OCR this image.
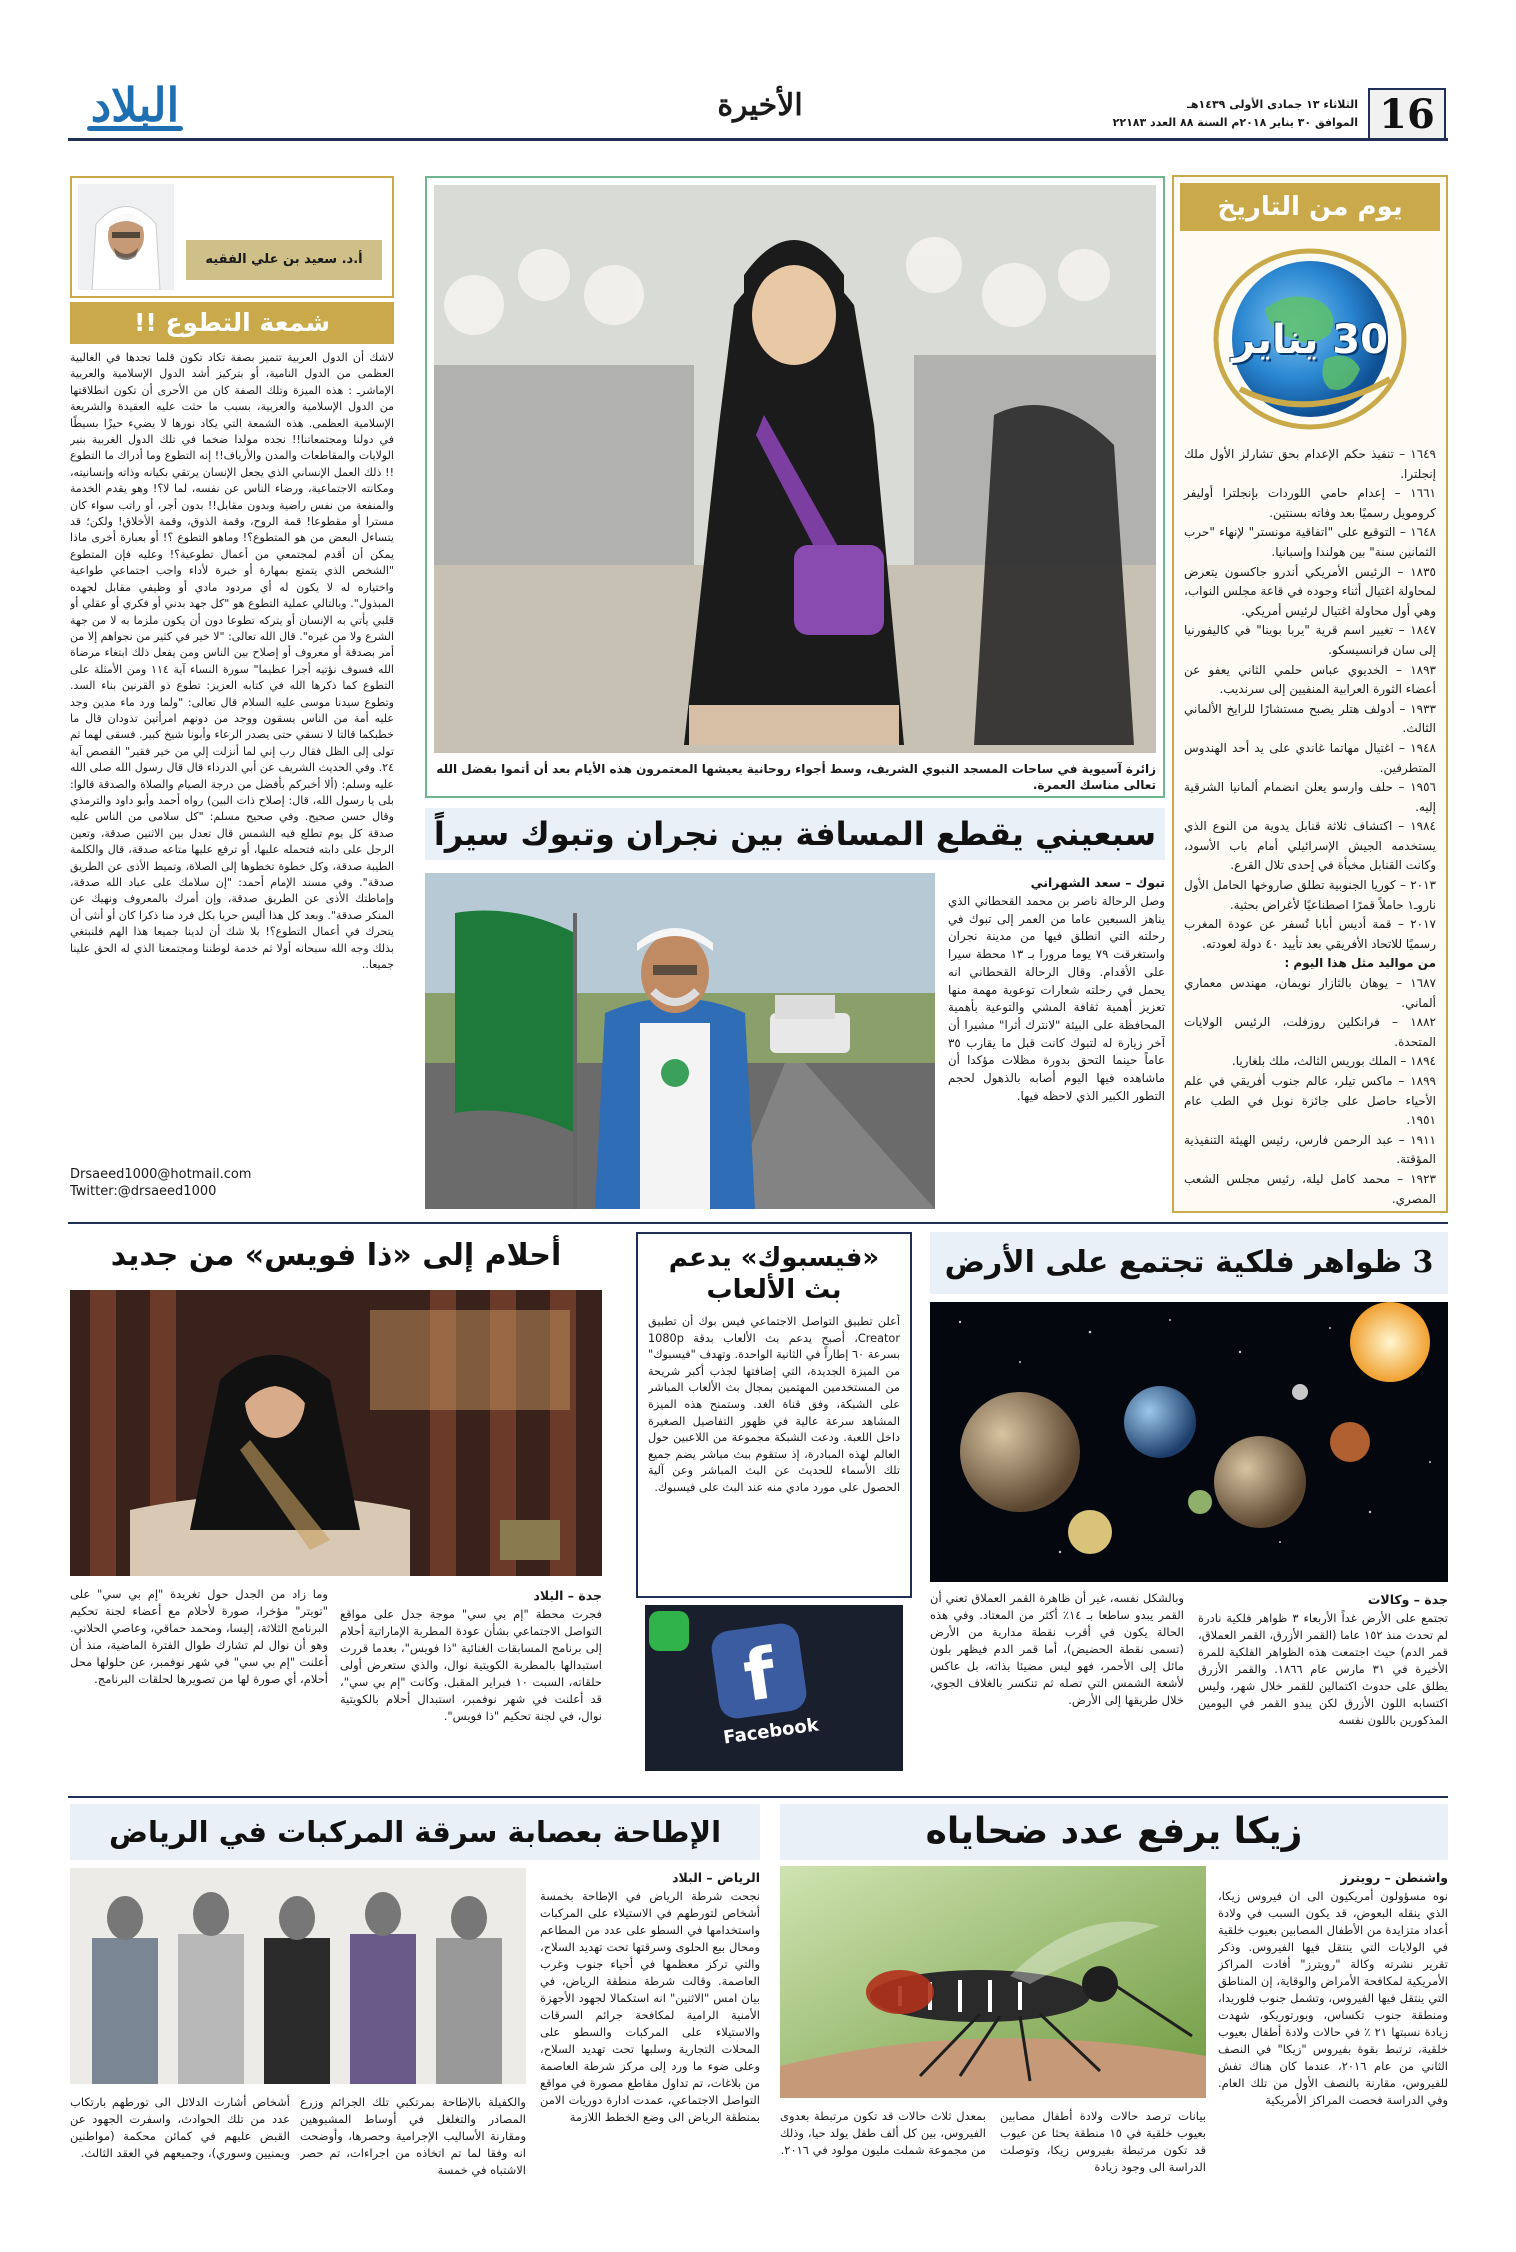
16
الثلاثاء ١٣ جمادى الأولى ١٤٣٩هـ
الموافق ٣٠ يناير ٢٠١٨م السنة ٨٨ العدد ٢٢١٨٣
الأخيرة
البلاد
يوم من التاريخ
30 يناير
١٦٤٩ – تنفيذ حكم الإعدام بحق تشارلز الأول ملك إنجلترا.
١٦٦١ – إعدام حامي اللوردات بإنجلترا أوليفر كرومويل رسميًا بعد وفاته بسنتين.
١٦٤٨ – التوقيع على "اتفاقية مونستر" لإنهاء "حرب الثمانين سنة" بين هولندا وإسبانيا.
١٨٣٥ – الرئيس الأمريكي أندرو جاكسون يتعرض لمحاولة اغتيال أثناء وجوده في قاعة مجلس النواب، وهي أول محاولة اغتيال لرئيس أمريكي.
١٨٤٧ – تغيير اسم قرية "يربا بوينا" في كاليفورنيا إلى سان فرانسيسكو.
١٨٩٣ – الخديوي عباس حلمي الثاني يعفو عن أعضاء الثورة العرابية المنفيين إلى سرنديب.
١٩٣٣ – أدولف هتلر يصبح مستشارًا للرايخ الألماني الثالث.
١٩٤٨ – اغتيال مهاتما غاندي على يد أحد الهندوس المتطرفين.
١٩٥٦ – حلف وارسو يعلن انضمام ألمانيا الشرقية إليه.
١٩٨٤ – اكتشاف ثلاثة قنابل يدوية من النوع الذي يستخدمه الجيش الإسرائيلي أمام باب الأسود، وكانت القنابل مخبأة في إحدى تلال القرع.
٢٠١٣ – كوريا الجنوبية تطلق صاروخها الحامل الأول ناروـ١ حاملاً قمرًا اصطناعيًا لأغراض بحثية.
٢٠١٧ – قمة أديس أبابا تُسفر عن عودة المغرب رسميًا للاتحاد الأفريقي بعد تأييد ٤٠ دولة لعودته.
من مواليد مثل هذا اليوم :
١٦٨٧ – يوهان بالثازار نويمان، مهندس معماري ألماني.
١٨٨٢ – فرانكلين روزفلت، الرئيس الولايات المتحدة.
١٨٩٤ – الملك بوريس الثالث، ملك بلغاريا.
١٨٩٩ – ماكس تيلر، عالم جنوب أفريقي في علم الأحياء حاصل على جائزة نوبل في الطب عام ١٩٥١.
١٩١١ – عبد الرحمن فارس، رئيس الهيئة التنفيذية المؤقتة.
١٩٢٣ – محمد كامل ليلة، رئيس مجلس الشعب المصري.
زائرة آسيوية في ساحات المسجد النبوي الشريف، وسط أجواء روحانية يعيشها المعتمرون هذه الأيام بعد أن أتموا بفضل الله تعالى مناسك العمرة.
أ.د. سعيد بن علي الفقيه
شمعة التطوع !!

لاشك أن الدول العربية تتميز بصفة تكاد تكون قلما تجدها في الغالبية العظمى من الدول النامية، أو بتركيز أشد الدول الإسلامية والعربية الإماشرـ : هذه الميزة وتلك الصفة كان من الأحرى أن تكون انطلاقتها من الدول الإسلامية والعربية، بسبب ما حثت عليه العقيدة والشريعة الإسلامية العظمى. هذه الشمعة التي يكاد نورها لا يضيء حيزًا بسيطًا في دولنا ومجتمعاتنا!! نجده مولدا ضخما في تلك الدول الغربية بنير الولايات والمقاطعات والمدن والأرياف!! إنه التطوع وما أدراك ما التطوع !! ذلك العمل الإنساني الذي يجعل الإنسان يرتقي بكيانه وذاته وإنسانيته، ومكانته الاجتماعية، ورضاء الناس عن نفسه، لما لا؟! وهو يقدم الخدمة والمنفعة من نفس راضية وبدون مقابل!! بدون أجر، أو راتب سواء كان مسترا أو مقطوعا! قمة الروح، وقمة الذوق، وقمة الأخلاق! ولكن؛ قد يتساءل البعض من هو المتطوع؟! وماهو التطوع ؟! أو بعبارة أخرى ماذا يمكن أن أقدم لمجتمعي من أعمال تطوعية؟! وعليه فإن المتطوع "الشخص الذي يتمتع بمهارة أو خبرة لأداء واجب اجتماعي طواعية واختياره له لا يكون له أي مردود مادي أو وظيفي مقابل لجهده المبذول". وبالتالي عملية التطوع هو "كل جهد بدني أو فكري أو عقلي أو قلبي يأتي به الإنسان أو يتركه تطوعا دون أن يكون ملزما به لا من جهة الشرع ولا من غيره". قال الله تعالى: "لا خير في كثير من نجواهم إلا من أمر بصدقة أو معروف أو إصلاح بين الناس ومن يفعل ذلك ابتغاء مرضاة الله فسوف نؤتيه أجرا عظيما" سورة النساء آية ١١٤ ومن الأمثلة على التطوع كما ذكرها الله في كتابه العزيز: تطوع ذو القرنين بناء السد. وتطوع سيدنا موسى عليه السلام قال تعالى: "ولما ورد ماء مدين وجد عليه أمة من الناس يسقون ووجد من دونهم امرأتين تذودان قال ما خطبكما قالتا لا نسقي حتى يصدر الرعاء وأبونا شيخ كبير. فسقى لهما ثم تولى إلى الظل فقال رب إني لما أنزلت إلي من خير فقير" القصص آية ٢٤. وفي الحديث الشريف عن أبي الدرداء قال قال رسول الله صلى الله عليه وسلم: (ألا أخبركم بأفضل من درجة الصيام والصلاة والصدقة قالوا: بلى يا رسول الله، قال: إصلاح ذات البين) رواه أحمد وأبو داود والترمذي وقال حسن صحيح. وفي صحيح مسلم: "كل سلامى من الناس عليه صدقة كل يوم تطلع فيه الشمس قال تعدل بين الاثنين صدقة، وتعين الرجل على دابته فتحمله عليها، أو ترفع عليها متاعه صدقة، قال والكلمة الطيبة صدقة، وكل خطوة تخطوها إلى الصلاة، وتميط الأذى عن الطريق صدقة". وفي مسند الإمام أحمد: "إن سلامك على عباد الله صدقة، وإماطتك الأذى عن الطريق صدقة، وإن أمرك بالمعروف ونهيك عن المنكر صدقة". وبعد كل هذا أليس حريا بكل فرد منا ذكرا كان أو أنثى أن يتحرك في أعمال التطوع؟! بلا شك أن لدينا جميعا هذا الهم فلنبتغي بذلك وجه الله سبحانه أولا ثم خدمة لوطننا ومجتمعنا الذي له الحق علينا جميعا..

Drsaeed1000@hotmail.com
Twitter:@drsaeed1000
سبعيني يقطع المسافة بين نجران وتبوك سيراً
تبوك – سعد الشهراني

وصل الرحالة ناصر بن محمد القحطاني الذي يناهز السبعين عاما من العمر إلى تبوك في رحلته التي انطلق فيها من مدينة نجران واستغرقت ٧٩ يوما مرورا بـ ١٣ محطة سيرا على الأقدام. وقال الرحالة القحطاني انه يحمل في رحلته شعارات توعوية مهمة منها تعزيز أهمية ثقافة المشي والتوعية بأهمية المحافظة على البيئة "لانترك أثرا" مشيرا أن آخر زيارة له لتبوك كانت قبل ما يقارب ٣٥ عاماً حينما التحق بدورة مظلات مؤكدا أن ماشاهده فيها اليوم أصابه بالذهول لحجم التطور الكبير الذي لاحظه فيها.

3 ظواهر فلكية تجتمع على الأرض
جدة – وكالات

تجتمع على الأرض غداً الأربعاء ٣ ظواهر فلكية نادرة لم تحدث منذ ١٥٢ عاما (القمر الأزرق، القمر العملاق، قمر الدم) حيث اجتمعت هذه الظواهر الفلكية للمرة الأخيرة في ٣١ مارس عام ١٨٦٦. والقمر الأزرق يطلق على حدوث اكتمالين للقمر خلال شهر، وليس اكتسابه اللون الأزرق لكن يبدو القمر في اليومين المذكورين باللون نفسه

وبالشكل نفسه، غير أن ظاهرة القمر العملاق تعني أن القمر يبدو ساطعا بـ ١٤٪ أكثر من المعتاد. وفي هذه الحالة يكون في أقرب نقطة مدارية من الأرض (تسمى نقطة الحضيض)، أما قمر الدم فيظهر بلون مائل إلى الأحمر، فهو ليس مضيئا بذاته، بل عاكس لأشعة الشمس التي تصله ثم تنكسر بالغلاف الجوي، خلال طريقها إلى الأرض.

«فيسبوك» يدعم بث الألعاب

أعلن تطبيق التواصل الاجتماعي فيس بوك أن تطبيق Creator، أصبح يدعم بث الألعاب بدقة 1080p بسرعة ٦٠ إطاراً في الثانية الواحدة. وتهدف "فيسبوك" من الميزة الجديدة، التي إضافتها لجذب أكبر شريحة من المستخدمين المهتمين بمجال بث الألعاب المباشر على الشبكة، وفق قناة الغد. وستمنح هذه الميزة المشاهد سرعة عالية في ظهور التفاصيل الصغيرة داخل اللعبة. ودعت الشبكة مجموعة من اللاعبين حول العالم لهذه المبادرة، إذ ستقوم ببث مباشر يضم جميع تلك الأسماء للحديث عن البث المباشر وعن آلية الحصول على مورد مادي منه عند البث على فيسبوك.

f
Facebook
أحلام إلى «ذا فويس» من جديد
جدة – البلاد

فجرت محطة "إم بي سي" موجة جدل على مواقع التواصل الاجتماعي بشأن عودة المطربة الإماراتية أحلام إلى برنامج المسابقات الغنائية "ذا فويس"، بعدما قررت استبدالها بالمطربة الكويتية نوال، والذي ستعرض أولى حلقاته، السبت ١٠ فبراير المقبل. وكانت "إم بي سي"، قد أعلنت في شهر نوفمبر، استبدال أحلام بالكويتية نوال، في لجنة تحكيم "ذا فويس".

وما زاد من الجدل حول تغريدة "إم بي سي" على "تويتر" مؤخرا، صورة لأحلام مع أعضاء لجنة تحكيم البرنامج الثلاثة، إليسا، ومحمد حماقي، وعاصي الحلاني. وهو أن نوال لم تشارك طوال الفترة الماضية، منذ أن أعلنت "إم بي سي" في شهر نوفمبر، عن حلولها محل أحلام، أي صورة لها من تصويرها لحلقات البرنامج.

زيكا يرفع عدد ضحاياه
واشنطن – رويترز

نوه مسؤولون أمريكيون الى ان فيروس زيكا، الذي ينقله البعوض، قد يكون السبب في ولادة أعداد متزايدة من الأطفال المصابين بعيوب خلقية في الولايات التي ينتقل فيها الفيروس. وذكر تقرير نشرته وكالة "رويترز" أفادت المراكز الأمريكية لمكافحة الأمراض والوقاية، إن المناطق التي ينتقل فيها الفيروس، وتشمل جنوب فلوريدا، ومنطقة جنوب تكساس، وبورتوريكو، شهدت زيادة نسبتها ٢١ ٪ في حالات ولادة أطفال بعيوب خلقية، ترتبط بقوة بفيروس "زيكا" في النصف الثاني من عام ٢٠١٦، عندما كان هناك تفش للفيروس، مقارنة بالنصف الأول من تلك العام. وفي الدراسة فحصت المراكز الأمريكية

بيانات ترصد حالات ولادة أطفال مصابين بعيوب خلقية في ١٥ منطقة بحثا عن عيوب قد تكون مرتبطة بفيروس زيكا، وتوصلت الدراسة الى وجود زيادة

بمعدل ثلاث حالات قد تكون مرتبطة بعدوى الفيروس، بين كل ألف طفل يولد حيا، وذلك من مجموعة شملت مليون مولود في ٢٠١٦.

الإطاحة بعصابة سرقة المركبات في الرياض
الرياض – البلاد

نجحت شرطة الرياض في الإطاحة بخمسة أشخاص لتورطهم في الاستيلاء على المركبات واستخدامها في السطو على عدد من المطاعم ومحال بيع الحلوى وسرقتها تحت تهديد السلاح، والتي تركز معظمها في أحياء جنوب وغرب العاصمة. وقالت شرطة منطقة الرياض، في بيان امس "الاثنين" انه استكمالا لجهود الأجهزة الأمنية الرامية لمكافحة جرائم السرقات والاستيلاء على المركبات والسطو على المحلات التجارية وسلبها تحت تهديد السلاح، وعلى ضوء ما ورد إلى مركز شرطة العاصمة من بلاغات، تم تداول مقاطع مصورة في مواقع التواصل الاجتماعي، عمدت ادارة دوريات الامن بمنطقة الرياض الى وضع الخطط اللازمة

والكفيلة بالإطاحة بمرتكبي تلك الجرائم وزرع المصادر والتغلغل في أوساط المشبوهين ومقارنة الأساليب الإجرامية وحصرها، وأوضحت انه وفقا لما تم اتخاذه من اجراءات، تم حصر الاشتباه في خمسة

أشخاص أشارت الدلائل الى تورطهم بارتكاب عدد من تلك الحوادث، واسفرت الجهود عن القبض عليهم في كمائن محكمة (مواطنين ويمنيين وسوري)، وجميعهم في العقد الثالث.
